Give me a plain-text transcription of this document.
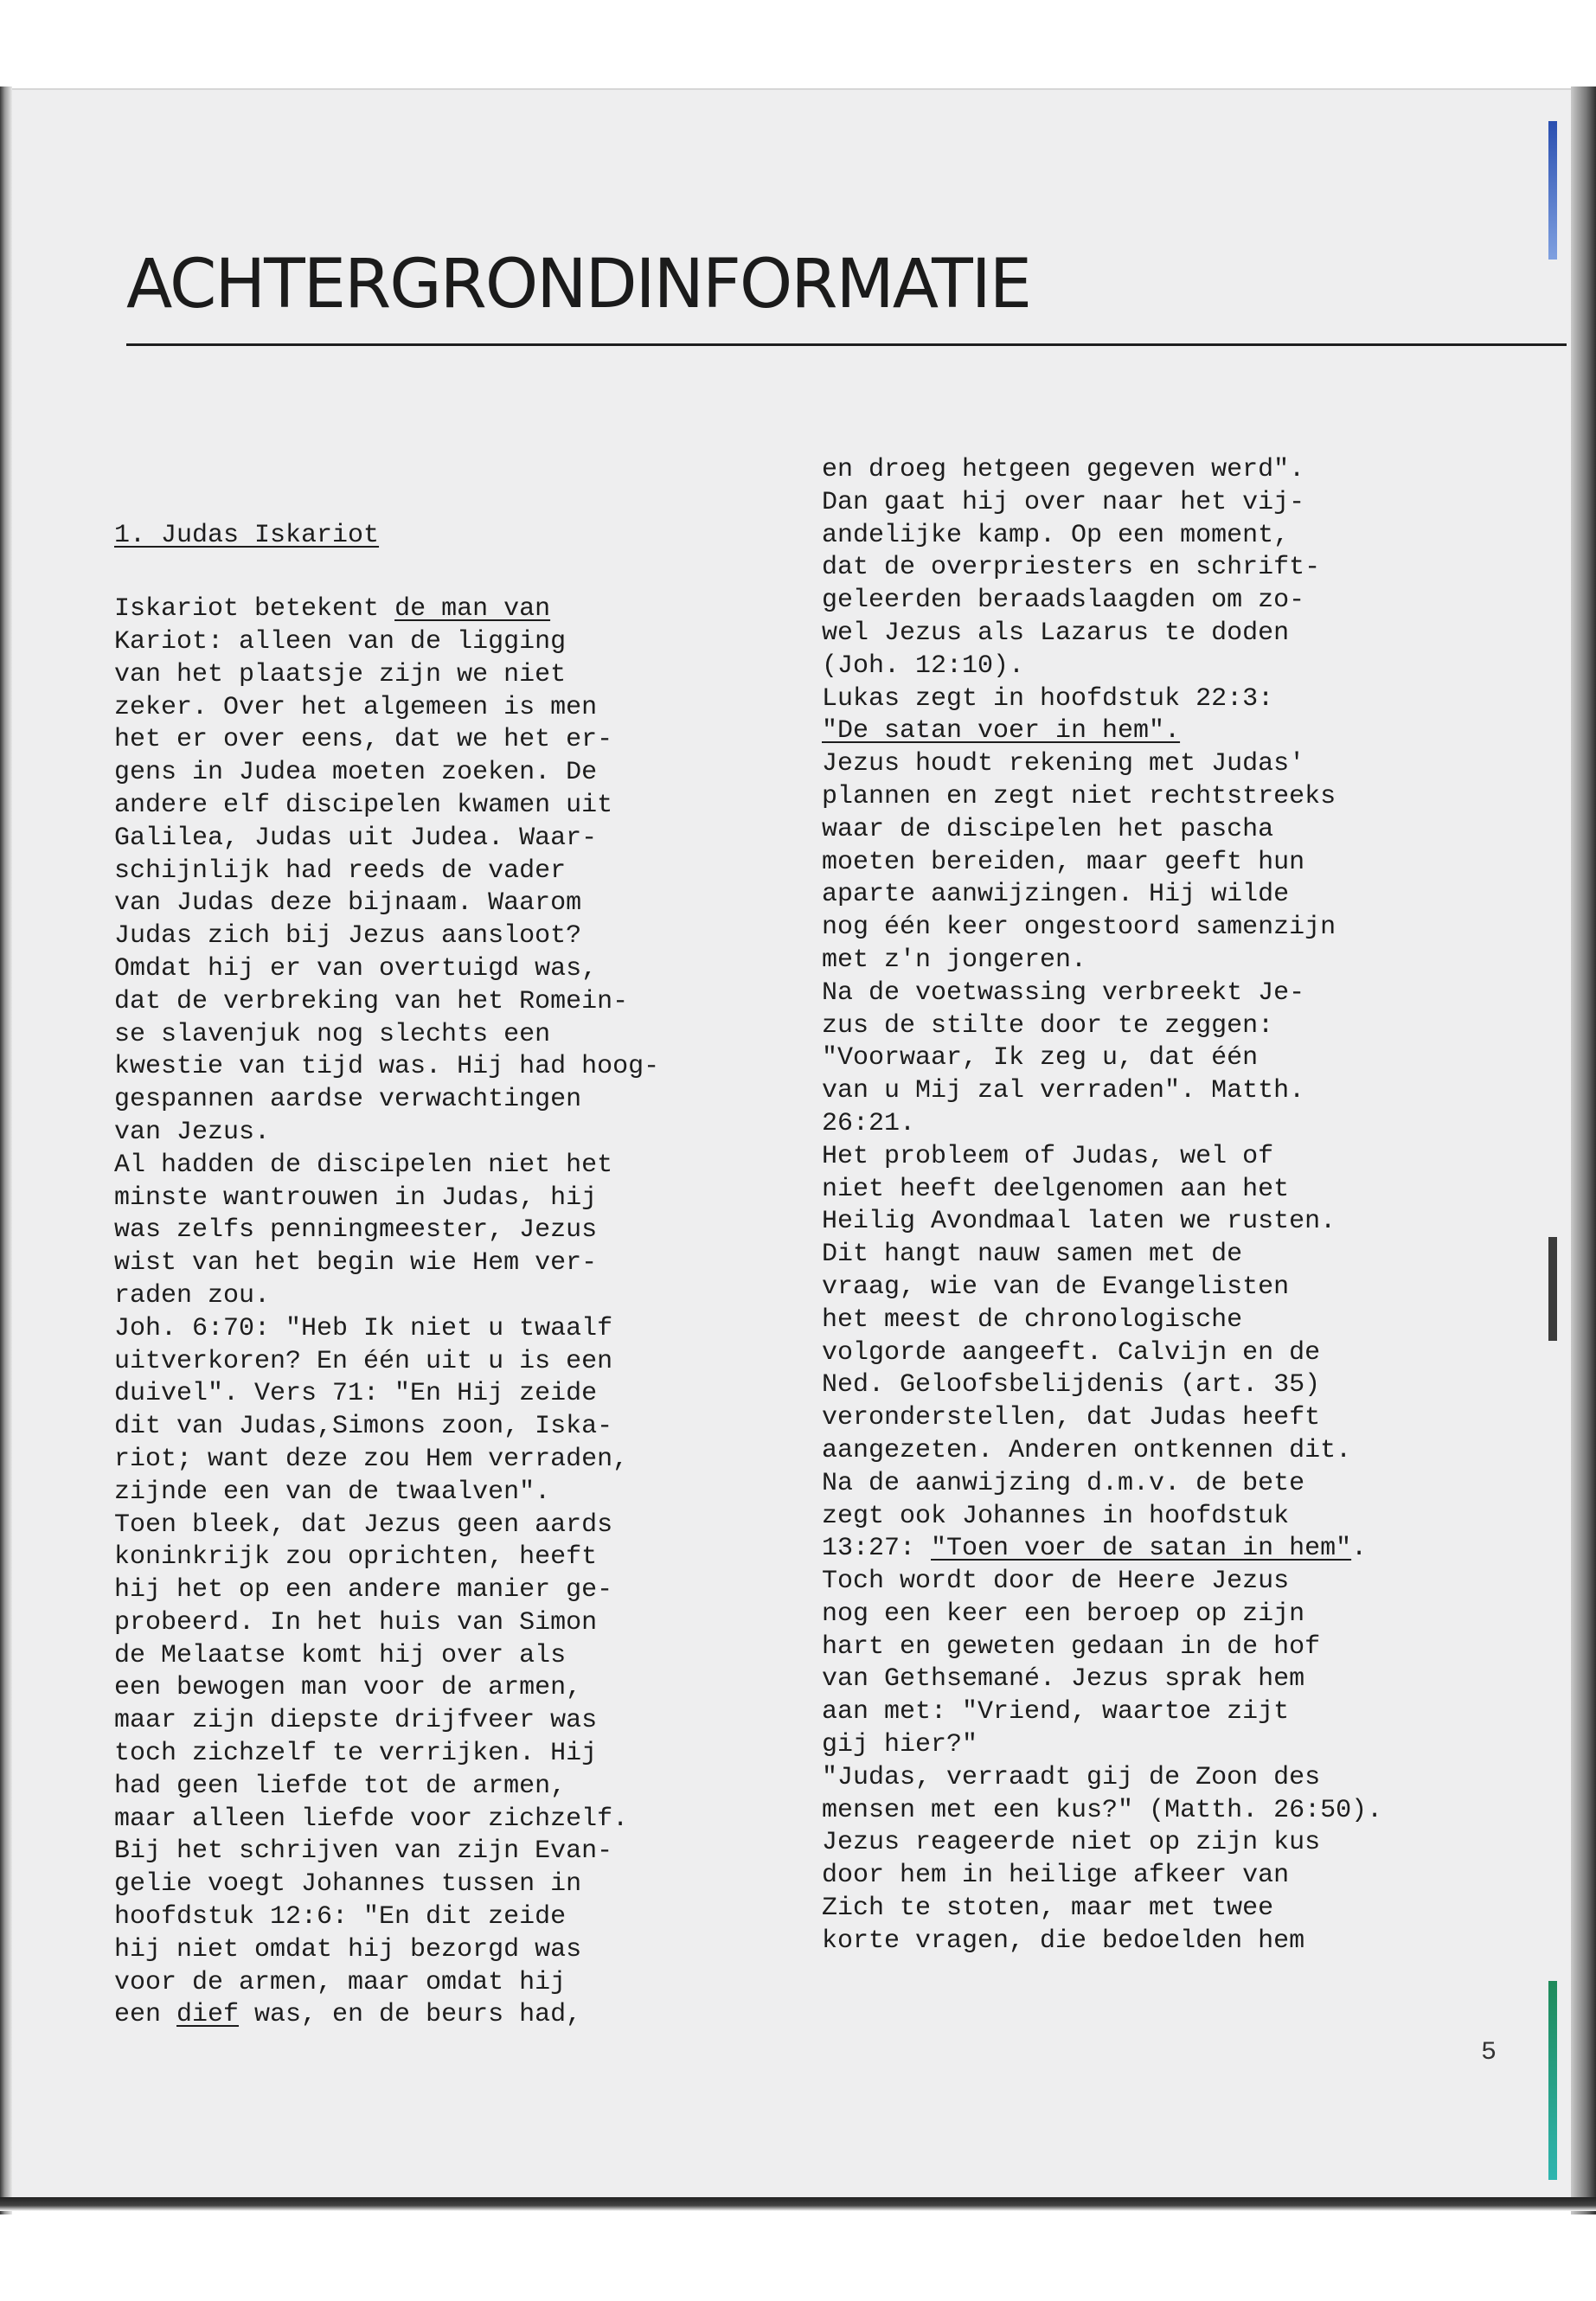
ACHTERGRONDINFORMATIE

1. Judas Iskariot

Iskariot betekent de man van
Kariot: alleen van de ligging
van het plaatsje zijn we niet
zeker. Over het algemeen is men
het er over eens, dat we het er-
gens in Judea moeten zoeken. De
andere elf discipelen kwamen uit
Galilea, Judas uit Judea. Waar-
schijnlijk had reeds de vader
van Judas deze bijnaam. Waarom
Judas zich bij Jezus aansloot?
Omdat hij er van overtuigd was,
dat de verbreking van het Romein-
se slavenjuk nog slechts een
kwestie van tijd was. Hij had hoog-
gespannen aardse verwachtingen
van Jezus.
Al hadden de discipelen niet het
minste wantrouwen in Judas, hij
was zelfs penningmeester, Jezus
wist van het begin wie Hem ver-
raden zou.
Joh. 6:70: "Heb Ik niet u twaalf
uitverkoren? En één uit u is een
duivel". Vers 71: "En Hij zeide
dit van Judas,Simons zoon, Iska-
riot; want deze zou Hem verraden,
zijnde een van de twaalven".
Toen bleek, dat Jezus geen aards
koninkrijk zou oprichten, heeft
hij het op een andere manier ge-
probeerd. In het huis van Simon
de Melaatse komt hij over als
een bewogen man voor de armen,
maar zijn diepste drijfveer was
toch zichzelf te verrijken. Hij
had geen liefde tot de armen,
maar alleen liefde voor zichzelf.
Bij het schrijven van zijn Evan-
gelie voegt Johannes tussen in
hoofdstuk 12:6: "En dit zeide
hij niet omdat hij bezorgd was
voor de armen, maar omdat hij
een dief was, en de beurs had,
en droeg hetgeen gegeven werd".
Dan gaat hij over naar het vij-
andelijke kamp. Op een moment,
dat de overpriesters en schrift-
geleerden beraadslaagden om zo-
wel Jezus als Lazarus te doden
(Joh. 12:10).
Lukas zegt in hoofdstuk 22:3:
"De satan voer in hem".
Jezus houdt rekening met Judas'
plannen en zegt niet rechtstreeks
waar de discipelen het pascha
moeten bereiden, maar geeft hun
aparte aanwijzingen. Hij wilde
nog één keer ongestoord samenzijn
met z'n jongeren.
Na de voetwassing verbreekt Je-
zus de stilte door te zeggen:
"Voorwaar, Ik zeg u, dat één
van u Mij zal verraden". Matth.
26:21.
Het probleem of Judas, wel of
niet heeft deelgenomen aan het
Heilig Avondmaal laten we rusten.
Dit hangt nauw samen met de
vraag, wie van de Evangelisten
het meest de chronologische
volgorde aangeeft. Calvijn en de
Ned. Geloofsbelijdenis (art. 35)
veronderstellen, dat Judas heeft
aangezeten. Anderen ontkennen dit.
Na de aanwijzing d.m.v. de bete
zegt ook Johannes in hoofdstuk
13:27: "Toen voer de satan in hem".
Toch wordt door de Heere Jezus
nog een keer een beroep op zijn
hart en geweten gedaan in de hof
van Gethsemané. Jezus sprak hem
aan met: "Vriend, waartoe zijt
gij hier?"
"Judas, verraadt gij de Zoon des
mensen met een kus?" (Matth. 26:50).
Jezus reageerde niet op zijn kus
door hem in heilige afkeer van
Zich te stoten, maar met twee
korte vragen, die bedoelden hem
5
